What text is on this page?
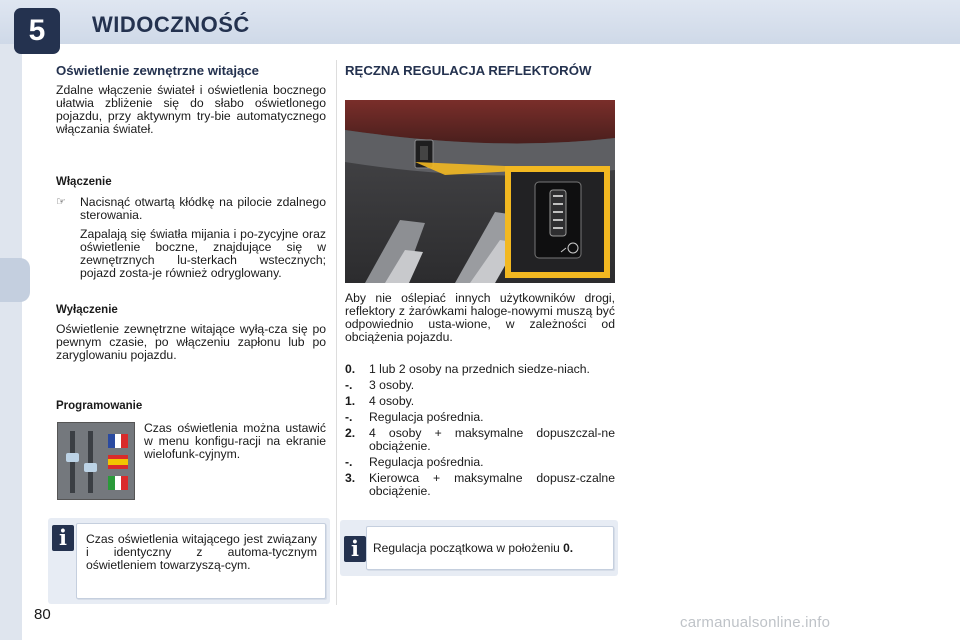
5	WIDOCZNOŚĆ
Oświetlenie zewnętrzne witające
Zdalne włączenie świateł i oświetlenia bocznego ułatwia zbliżenie się do słabo oświetlonego pojazdu, przy aktywnym try-bie automatycznego włączania świateł.
Włączenie
☞	Nacisnąć otwartą kłódkę na pilocie zdalnego sterowania.
Zapalają się światła mijania i po-zycyjne oraz oświetlenie boczne, znajdujące się w zewnętrznych lu-sterkach wstecznych; pojazd zosta-je również odryglowany.
Wyłączenie
Oświetlenie zewnętrzne witające wyłą-cza się po pewnym czasie, po włączeniu zapłonu lub po zaryglowaniu pojazdu.
Programowanie
Czas oświetlenia można ustawić w menu konfigu-racji na ekranie wielofunk-cyjnym.
i	Czas oświetlenia witającego jest związany i identyczny z automa-tycznym oświetleniem towarzyszą-cym.
RĘCZNA REGULACJA REFLEKTORÓW
Aby nie oślepiać innych użytkowników drogi, reflektory z żarówkami haloge-nowymi muszą być odpowiednio usta-wione, w zależności od obciążenia pojazdu.
0.	1 lub 2 osoby na przednich siedze-niach.
-.	3 osoby.
1.	4 osoby.
-.	Regulacja pośrednia.
2.	4 osoby + maksymalne dopuszczal-ne obciążenie.
-.	Regulacja pośrednia.
3.	Kierowca + maksymalne dopusz-czalne obciążenie.
i	Regulacja początkowa w położeniu 0.
80	carmanualsonline.info
